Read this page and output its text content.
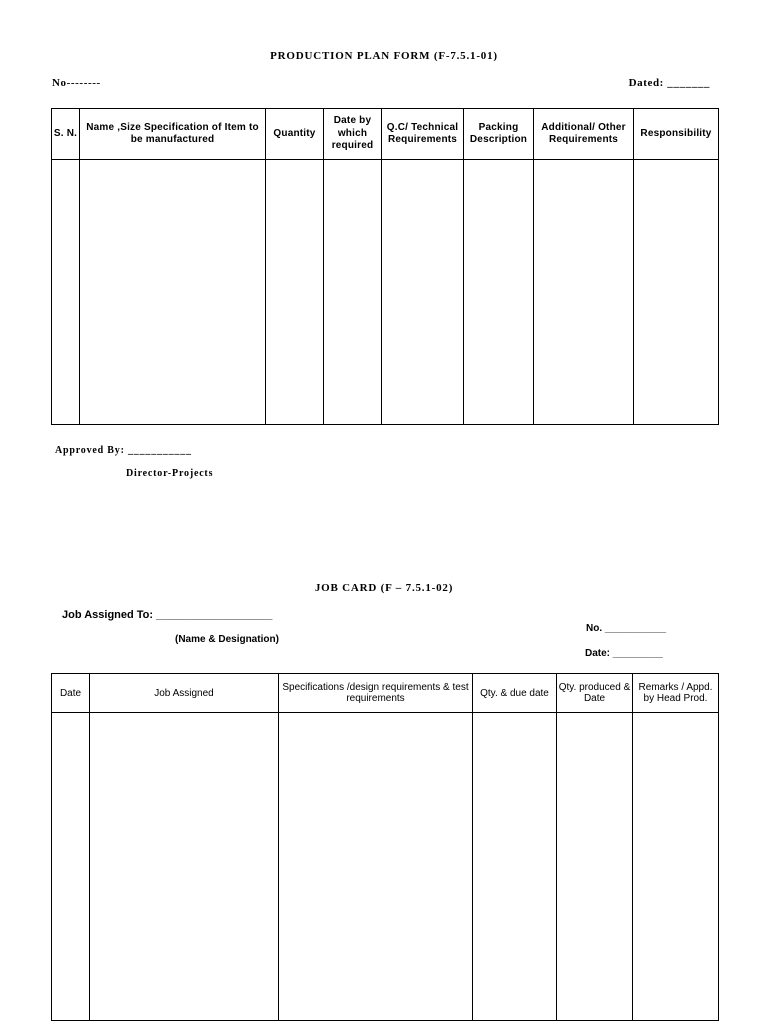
PRODUCTION PLAN FORM (F-7.5.1-01)
No--------	Dated: _______
S. N.	Name ,Size Specification of Item to be manufactured	Quantity	Date by which required	Q.C/ Technical Requirements	Packing Description	Additional/ Other Requirements	Responsibility

Approved By: ___________
Director-Projects
JOB CARD (F – 7.5.1-02)
Job Assigned To: ___________________
(Name & Designation)
No. ___________
Date: _________
Date	Job Assigned	Specifications /design requirements & test requirements	Qty. & due date	Qty. produced & Date	Remarks / Appd. by Head Prod.
